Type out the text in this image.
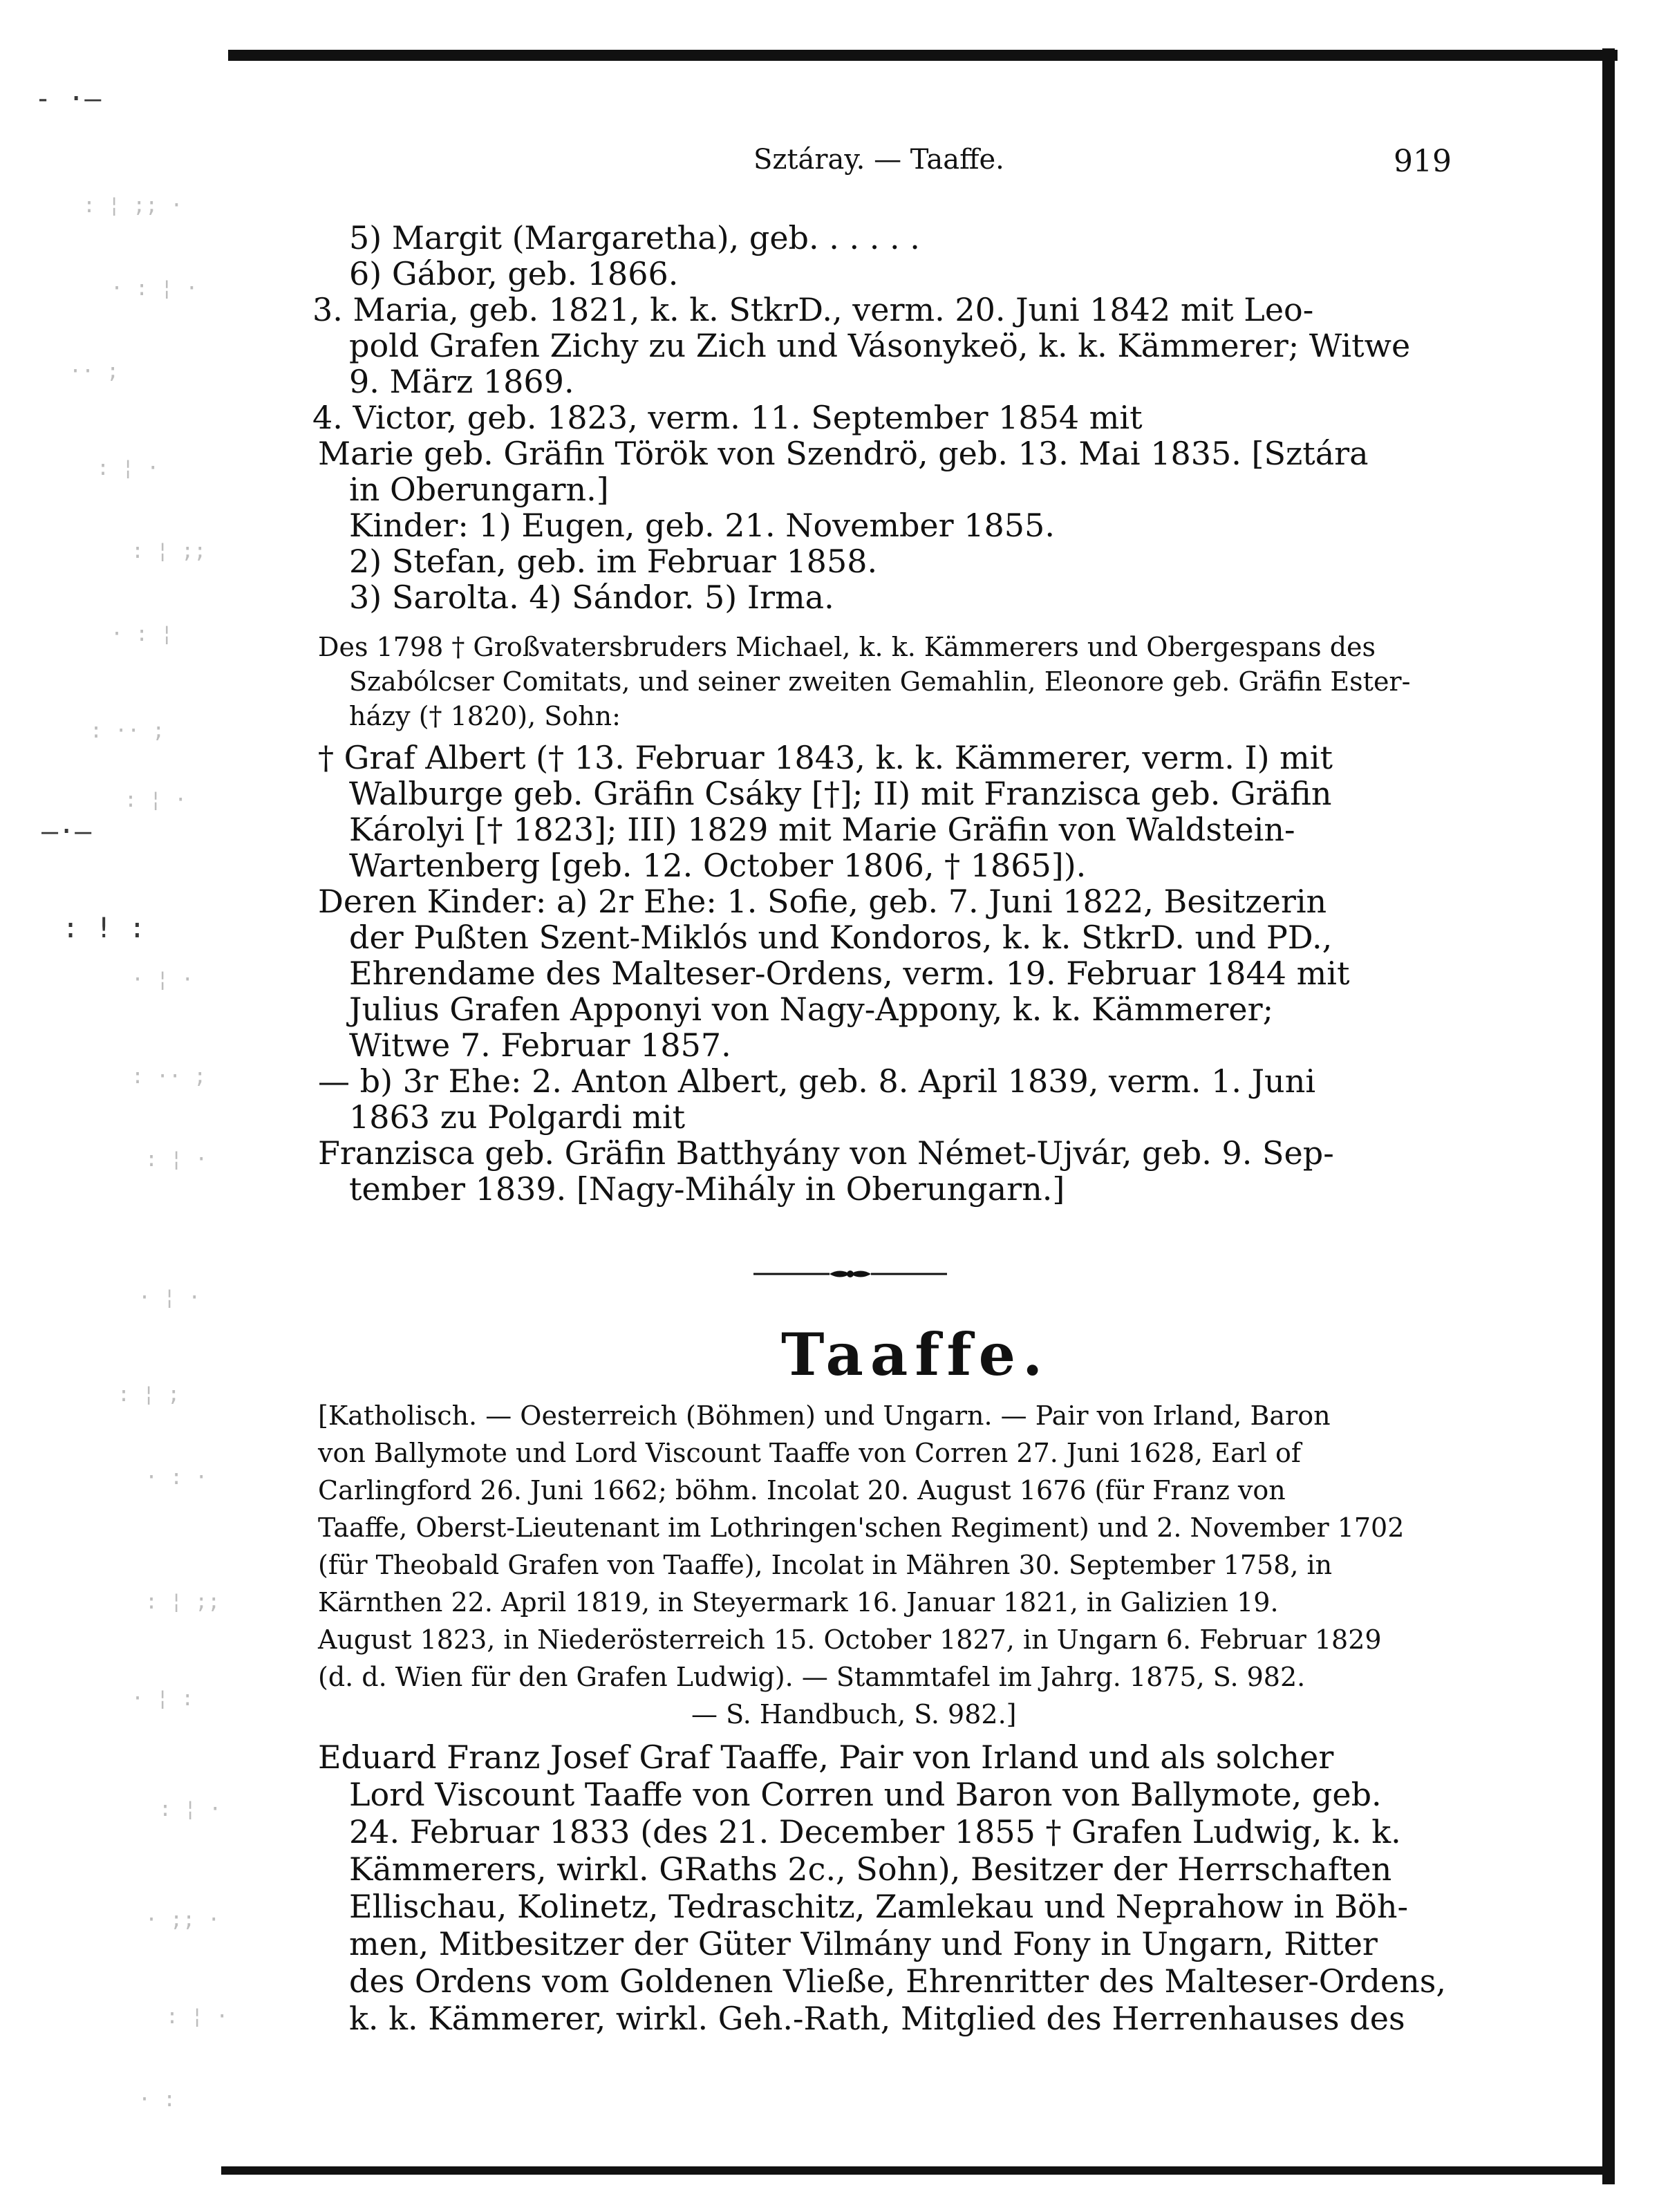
- ·—
: ¦ ;; ·
· : ¦ ·
·· ;
: ¦ ·
: ¦ ;;
· : ¦
: ·· ;
: ¦ ·
—·—
: ! :
· ¦ ·
: ·· ;
: ¦ ·
· ¦ ·
: ¦ ;
· : ·
: ¦ ;;
· ¦ :
: ¦ ·
· ;; ·
: ¦ ·
· :
Sztáray. — Taaffe.	919
5) Margit (Margaretha), geb. . . . . .
6) Gábor, geb. 1866.
3. Maria, geb. 1821, k. k. StkrD., verm. 20. Juni 1842 mit Leo-
pold Grafen Zichy zu Zich und Vásonykeö, k. k. Kämmerer; Witwe
9. März 1869.
4. Victor, geb. 1823, verm. 11. September 1854 mit
Marie geb. Gräfin Török von Szendrö, geb. 13. Mai 1835. [Sztára
in Oberungarn.]
Kinder: 1) Eugen, geb. 21. November 1855.
2) Stefan, geb. im Februar 1858.
3) Sarolta. 4) Sándor. 5) Irma.
Des 1798 † Großvatersbruders Michael, k. k. Kämmerers und Obergespans des
Szabólcser Comitats, und seiner zweiten Gemahlin, Eleonore geb. Gräfin Ester-
házy († 1820), Sohn:
† Graf Albert († 13. Februar 1843, k. k. Kämmerer, verm. I) mit
Walburge geb. Gräfin Csáky [†]; II) mit Franzisca geb. Gräfin
Károlyi [† 1823]; III) 1829 mit Marie Gräfin von Waldstein-
Wartenberg [geb. 12. October 1806, † 1865]).
Deren Kinder: a) 2r Ehe: 1. Sofie, geb. 7. Juni 1822, Besitzerin
der Pußten Szent-Miklós und Kondoros, k. k. StkrD. und PD.,
Ehrendame des Malteser-Ordens, verm. 19. Februar 1844 mit
Julius Grafen Apponyi von Nagy-Appony, k. k. Kämmerer;
Witwe 7. Februar 1857.
— b) 3r Ehe: 2. Anton Albert, geb. 8. April 1839, verm. 1. Juni
1863 zu Polgardi mit
Franzisca geb. Gräfin Batthyány von Német-Ujvár, geb. 9. Sep-
tember 1839. [Nagy-Mihály in Oberungarn.]
Taaffe.
[Katholisch. — Oesterreich (Böhmen) und Ungarn. — Pair von Irland, Baron
von Ballymote und Lord Viscount Taaffe von Corren 27. Juni 1628, Earl of
Carlingford 26. Juni 1662; böhm. Incolat 20. August 1676 (für Franz von
Taaffe, Oberst-Lieutenant im Lothringen'schen Regiment) und 2. November 1702
(für Theobald Grafen von Taaffe), Incolat in Mähren 30. September 1758, in
Kärnthen 22. April 1819, in Steyermark 16. Januar 1821, in Galizien 19.
August 1823, in Niederösterreich 15. October 1827, in Ungarn 6. Februar 1829
(d. d. Wien für den Grafen Ludwig). — Stammtafel im Jahrg. 1875, S. 982.
— S. Handbuch, S. 982.]
Eduard Franz Josef Graf Taaffe, Pair von Irland und als solcher
Lord Viscount Taaffe von Corren und Baron von Ballymote, geb.
24. Februar 1833 (des 21. December 1855 † Grafen Ludwig, k. k.
Kämmerers, wirkl. GRaths 2c., Sohn), Besitzer der Herrschaften
Ellischau, Kolinetz, Tedraschitz, Zamlekau und Neprahow in Böh-
men, Mitbesitzer der Güter Vilmány und Fony in Ungarn, Ritter
des Ordens vom Goldenen Vließe, Ehrenritter des Malteser-Ordens,
k. k. Kämmerer, wirkl. Geh.-Rath, Mitglied des Herrenhauses des
